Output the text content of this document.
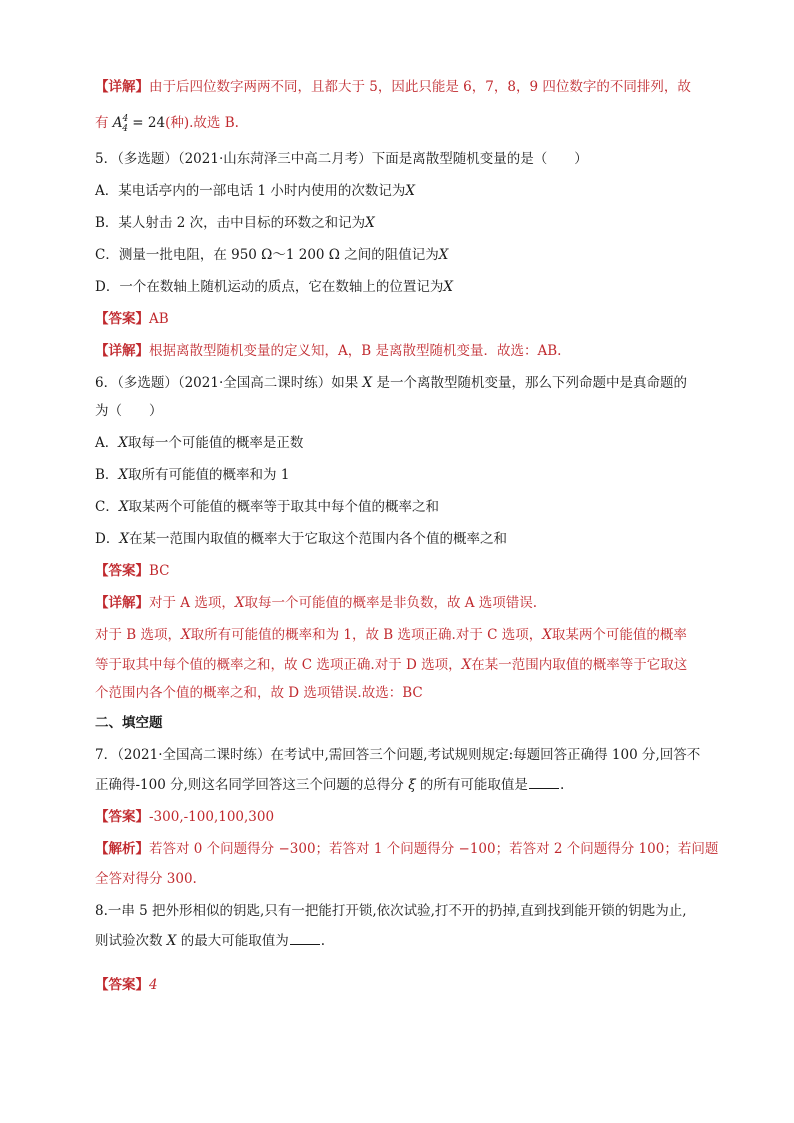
【详解】由于后四位数字两两不同，且都大于 5，因此只能是 6，7，8，9 四位数字的不同排列，故
有 $A^4_4 = 24$(种).故选 B.
5．（多选题）（2021·山东菏泽三中高二月考）下面是离散型随机变量的是（　　）
A．某电话亭内的一部电话 1 小时内使用的次数记为X
B．某人射击 2 次，击中目标的环数之和记为X
C．测量一批电阻，在 950 Ω～1 200 Ω 之间的阻值记为X
D．一个在数轴上随机运动的质点，它在数轴上的位置记为X
【答案】AB
【详解】根据离散型随机变量的定义知，A，B 是离散型随机变量．故选：AB.
6．（多选题）（2021·全国高二课时练）如果 X 是一个离散型随机变量，那么下列命题中是真命题的
为（　　）
A．X取每一个可能值的概率是正数
B．X取所有可能值的概率和为 1
C．X取某两个可能值的概率等于取其中每个值的概率之和
D．X在某一范围内取值的概率大于它取这个范围内各个值的概率之和
【答案】BC
【详解】对于 A 选项，X取每一个可能值的概率是非负数，故 A 选项错误.
对于 B 选项，X取所有可能值的概率和为 1，故 B 选项正确.对于 C 选项，X取某两个可能值的概率
等于取其中每个值的概率之和，故 C 选项正确.对于 D 选项，X在某一范围内取值的概率等于它取这
个范围内各个值的概率之和，故 D 选项错误.故选：BC
二、填空题
7．（2021·全国高二课时练）在考试中,需回答三个问题,考试规则规定:每题回答正确得 100 分,回答不
正确得-100 分,则这名同学回答这三个问题的总得分 ξ 的所有可能取值是 .
【答案】-300,-100,100,300
【解析】若答对 0 个问题得分 −300；若答对 1 个问题得分 −100；若答对 2 个问题得分 100；若问题
全答对得分 300.
8.一串 5 把外形相似的钥匙,只有一把能打开锁,依次试验,打不开的扔掉,直到找到能开锁的钥匙为止,
则试验次数 X 的最大可能取值为 .
【答案】4
